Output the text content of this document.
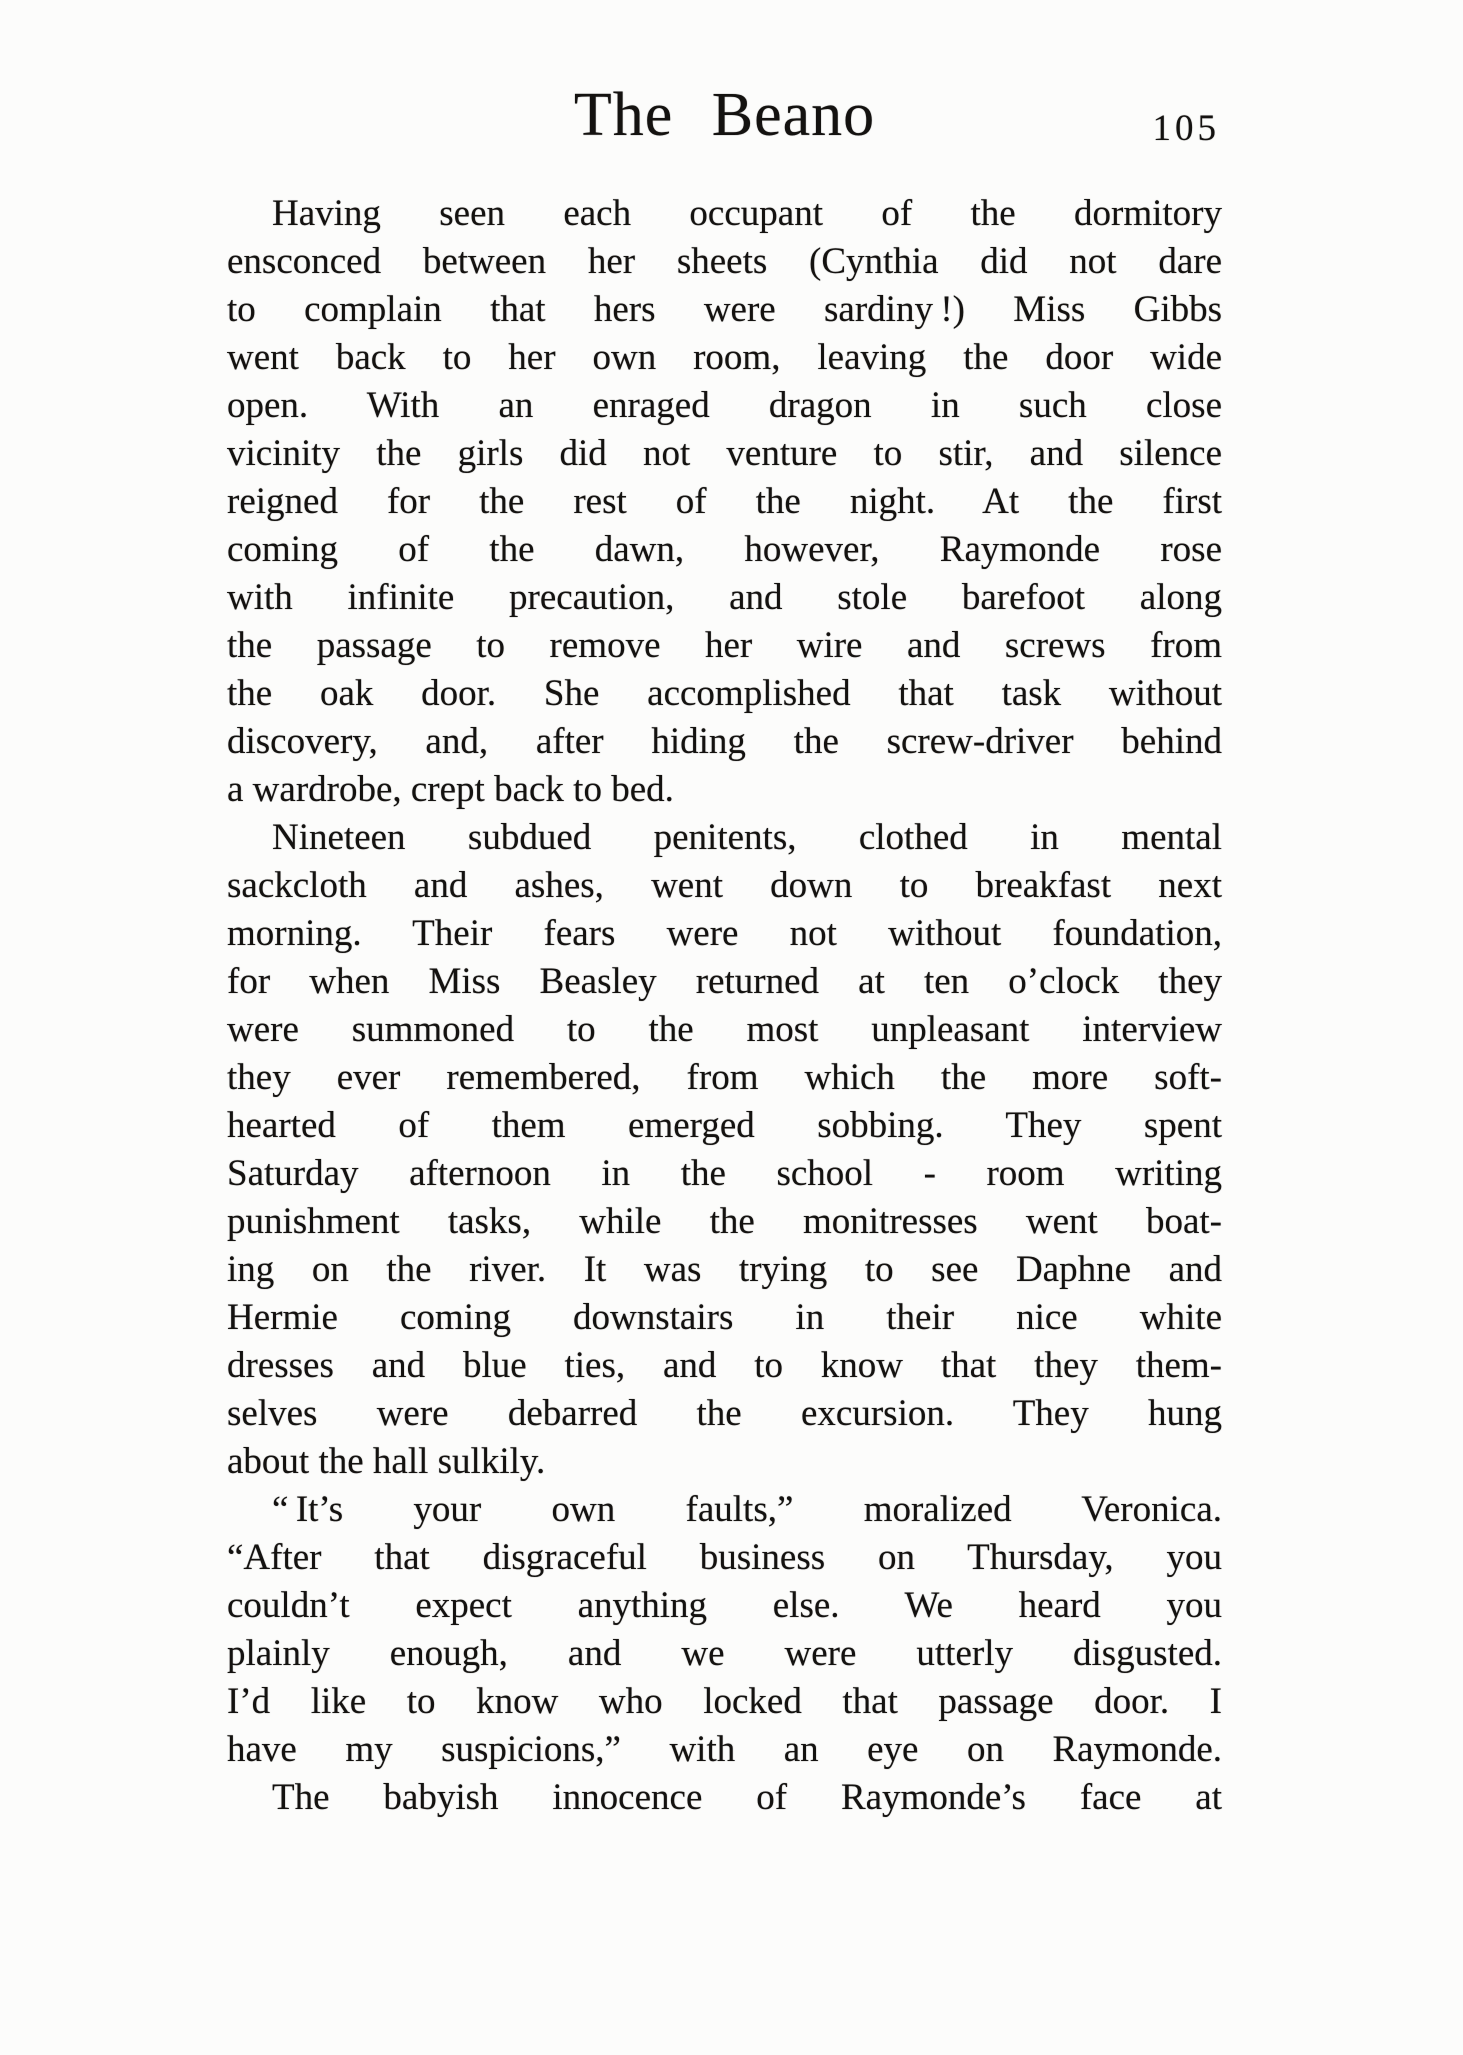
The Beano	105
Having seen each occupant of the dormitory
ensconced between her sheets (Cynthia did not dare
to complain that hers were sardiny !) Miss Gibbs
went back to her own room, leaving the door wide
open. With an enraged dragon in such close
vicinity the girls did not venture to stir, and silence
reigned for the rest of the night. At the first
coming of the dawn, however, Raymonde rose
with infinite precaution, and stole barefoot along
the passage to remove her wire and screws from
the oak door. She accomplished that task without
discovery, and, after hiding the screw-driver behind
a wardrobe, crept back to bed.
Nineteen subdued penitents, clothed in mental
sackcloth and ashes, went down to breakfast next
morning. Their fears were not without foundation,
for when Miss Beasley returned at ten o’clock they
were summoned to the most unpleasant interview
they ever remembered, from which the more soft-
hearted of them emerged sobbing. They spent
Saturday afternoon in the school - room writing
punishment tasks, while the monitresses went boat-
ing on the river. It was trying to see Daphne and
Hermie coming downstairs in their nice white
dresses and blue ties, and to know that they them-
selves were debarred the excursion. They hung
about the hall sulkily.
“ It’s your own faults,” moralized Veronica.
“After that disgraceful business on Thursday, you
couldn’t expect anything else. We heard you
plainly enough, and we were utterly disgusted.
I’d like to know who locked that passage door. I
have my suspicions,” with an eye on Raymonde.
The babyish innocence of Raymonde’s face at
